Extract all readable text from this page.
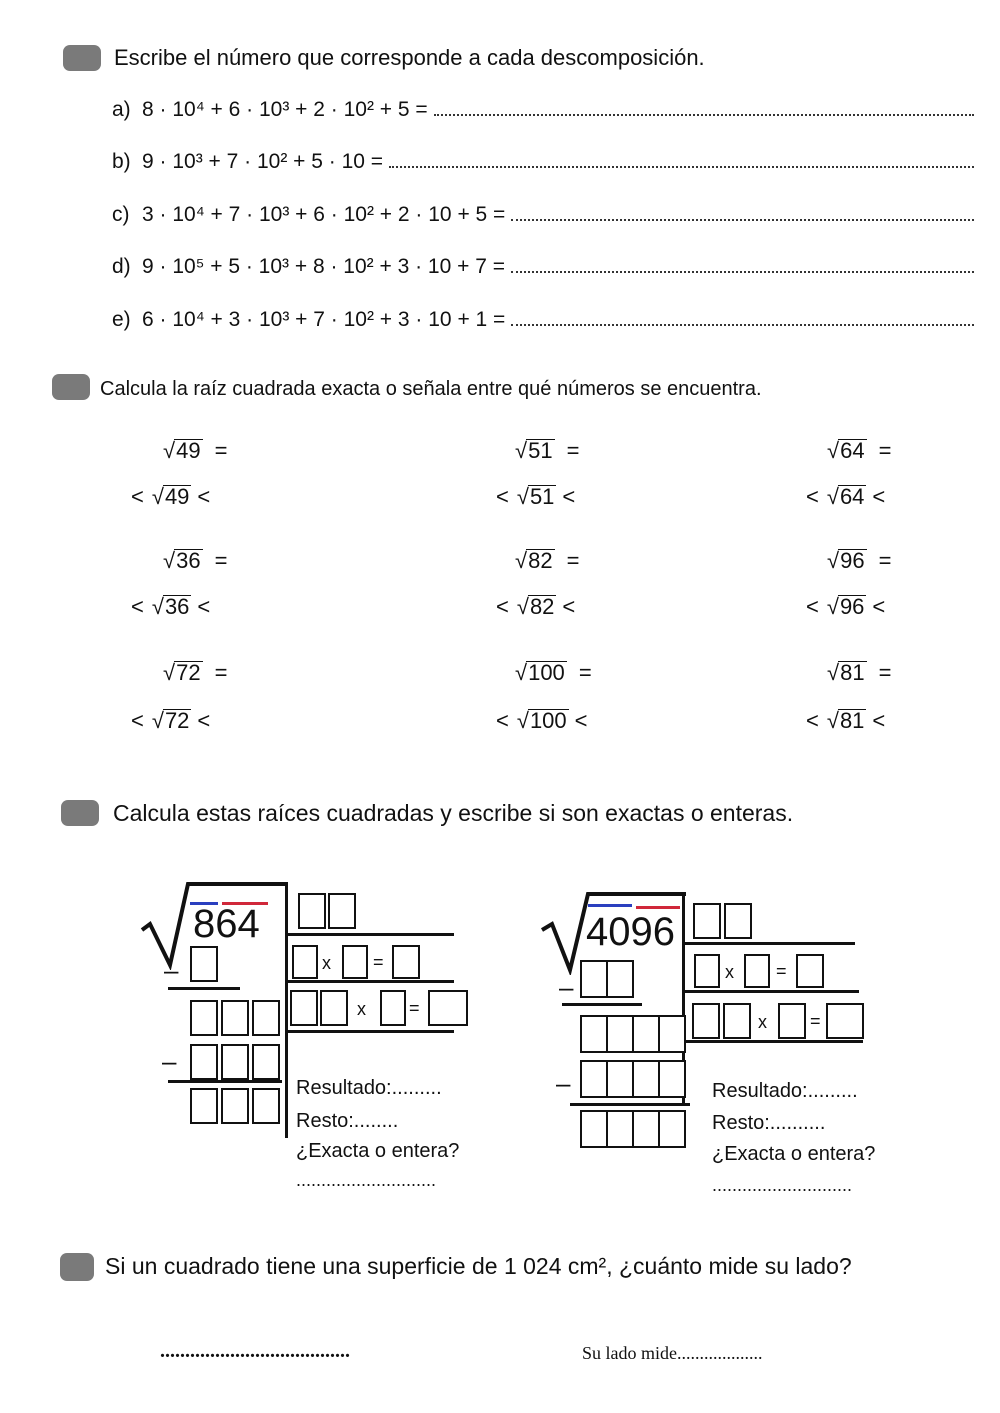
Escribe el número que corresponde a cada descomposición.
a) 8 · 10⁴ + 6 · 10³ + 2 · 10² + 5 =
b) 9 · 10³ + 7 · 10² + 5 · 10 =
c) 3 · 10⁴ + 7 · 10³ + 6 · 10² + 2 · 10 + 5 =
d) 9 · 10⁵ + 5 · 10³ + 8 · 10² + 3 · 10 + 7 =
e) 6 · 10⁴ + 3 · 10³ + 7 · 10² + 3 · 10 + 1 =
Calcula la raíz cuadrada exacta o señala entre qué números se encuentra.
√49 =
< √49 <
√51 =
< √51 <
√64 =
< √64 <
√36 =
< √36 <
√82 =
< √82 <
√96 =
< √96 <
√72 =
< √72 <
√100 =
< √100 <
√81 =
< √81 <
Calcula estas raíces cuadradas y escribe si son exactas o enteras.
864
x =
x =
–
–
Resultado:.........
Resto:........
¿Exacta o entera?
............................
4096
x =
x =
–
–	Resultado:.........
Resto:..........
¿Exacta o entera?
............................
Si un cuadrado tiene una superficie de 1 024 cm², ¿cuánto mide su lado?
......................................	Su lado mide...................
